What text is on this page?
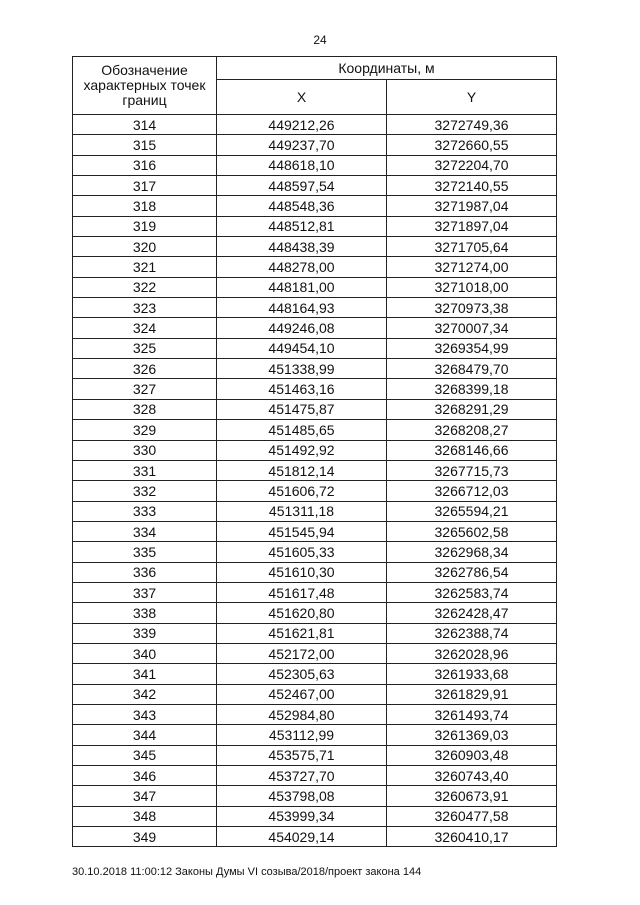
24
Обозначение характерных точек границ	Координаты, м	
	X	Y
314	449212,26	3272749,36
315	449237,70	3272660,55
316	448618,10	3272204,70
317	448597,54	3272140,55
318	448548,36	3271987,04
319	448512,81	3271897,04
320	448438,39	3271705,64
321	448278,00	3271274,00
322	448181,00	3271018,00
323	448164,93	3270973,38
324	449246,08	3270007,34
325	449454,10	3269354,99
326	451338,99	3268479,70
327	451463,16	3268399,18
328	451475,87	3268291,29
329	451485,65	3268208,27
330	451492,92	3268146,66
331	451812,14	3267715,73
332	451606,72	3266712,03
333	451311,18	3265594,21
334	451545,94	3265602,58
335	451605,33	3262968,34
336	451610,30	3262786,54
337	451617,48	3262583,74
338	451620,80	3262428,47
339	451621,81	3262388,74
340	452172,00	3262028,96
341	452305,63	3261933,68
342	452467,00	3261829,91
343	452984,80	3261493,74
344	453112,99	3261369,03
345	453575,71	3260903,48
346	453727,70	3260743,40
347	453798,08	3260673,91
348	453999,34	3260477,58
349	454029,14	3260410,17
30.10.2018 11:00:12 Законы Думы VI созыва/2018/проект закона 144
